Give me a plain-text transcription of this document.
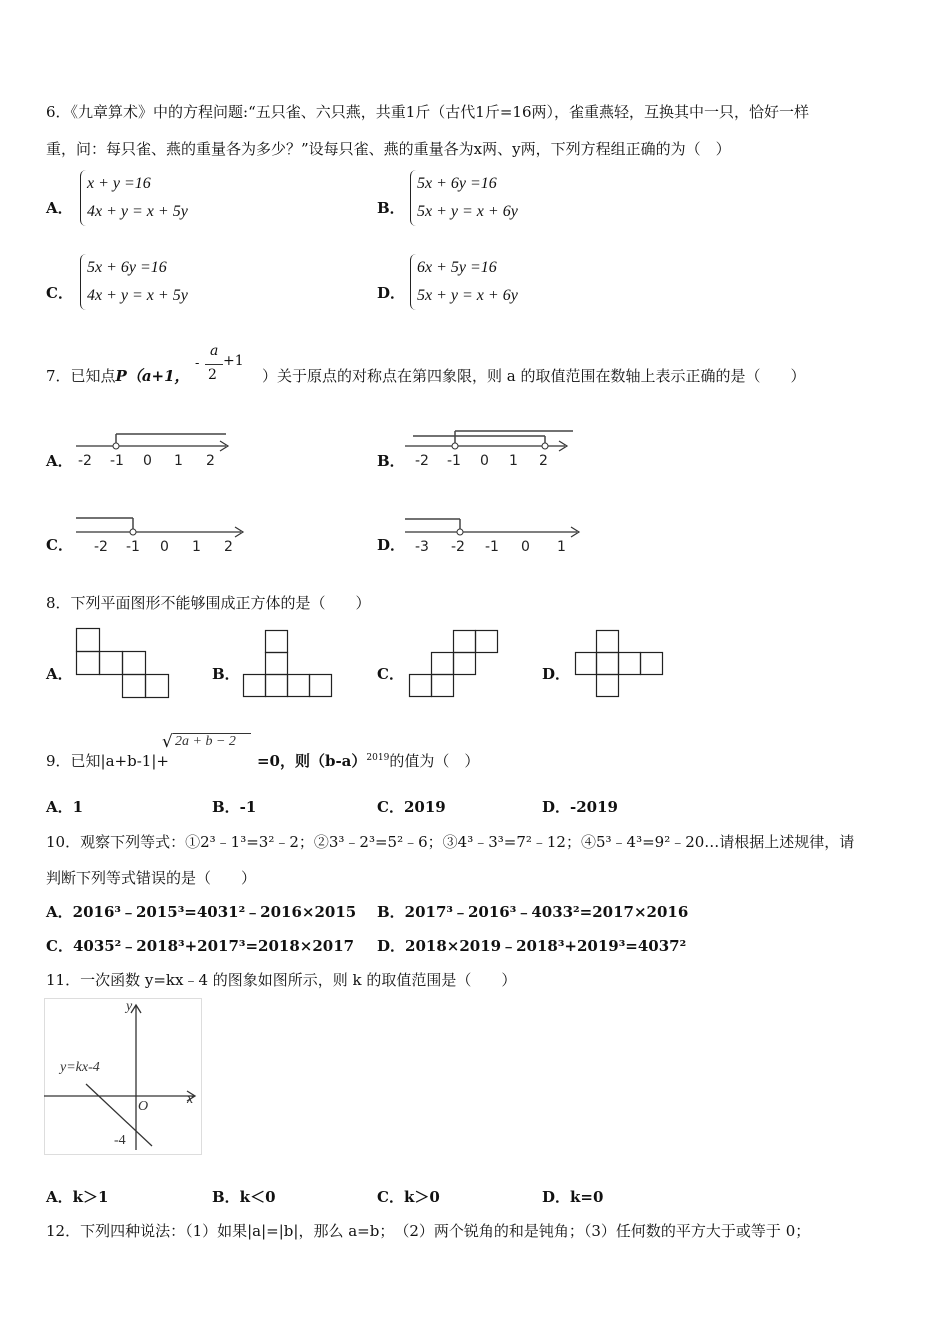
6．《九章算术》中的方程问题:“五只雀、六只燕，共重1斤（古代1斤=16两），雀重燕轻，互换其中一只，恰好一样
重，问：每只雀、燕的重量各为多少？”设每只雀、燕的重量各为x两、y两，下列方程组正确的为（　）
A．
x + y =16
4x + y = x + 5y	B．
5x + 6y =16
5x + y = x + 6y
C．
5x + 6y =16
4x + y = x + 5y	D．
6x + 5y =16
5x + y = x + 6y
7．已知点P（a+1，
-
a
2
+1
）关于原点的对称点在第四象限，则 a 的取值范围在数轴上表示正确的是（　　）
A． -2 -1 0 1 2	B． -2 -1 0 1 2
C． -2 -1 0 1 2	D． -3 -2 -1 0 1
8．下列平面图形不能够围成正方体的是（　　）
A．	B．	C．	D．
9．已知|a+b-1|+	=0，则$(b-a)^{2019}$的值为（　）
√ 2a + b − 2
A．1	B．-1	C．2019	D．-2019
10．观察下列等式：①2³﹣1³=3²﹣2；②3³﹣2³=5²﹣6；③4³﹣3³=7²﹣12；④5³﹣4³=9²﹣20…请根据上述规律，请
判断下列等式错误的是（　　）
A．2016³﹣2015³=4031²﹣2016×2015 B．2017³﹣2016³﹣4033²=2017×2016
C．4035²﹣2018³+2017³=2018×2017 D．2018×2019﹣2018³+2019³=4037²
11．一次函数 y=kx﹣4 的图象如图所示，则 k 的取值范围是（　　）
y
x
O
-4
y=kx-4
A．k＞1	B．k＜0	C．k＞0	D．k=0
12．下列四种说法：（1）如果|a|=|b|，那么 a=b；　（2）两个锐角的和是钝角；（3）任何数的平方大于或等于 0；
